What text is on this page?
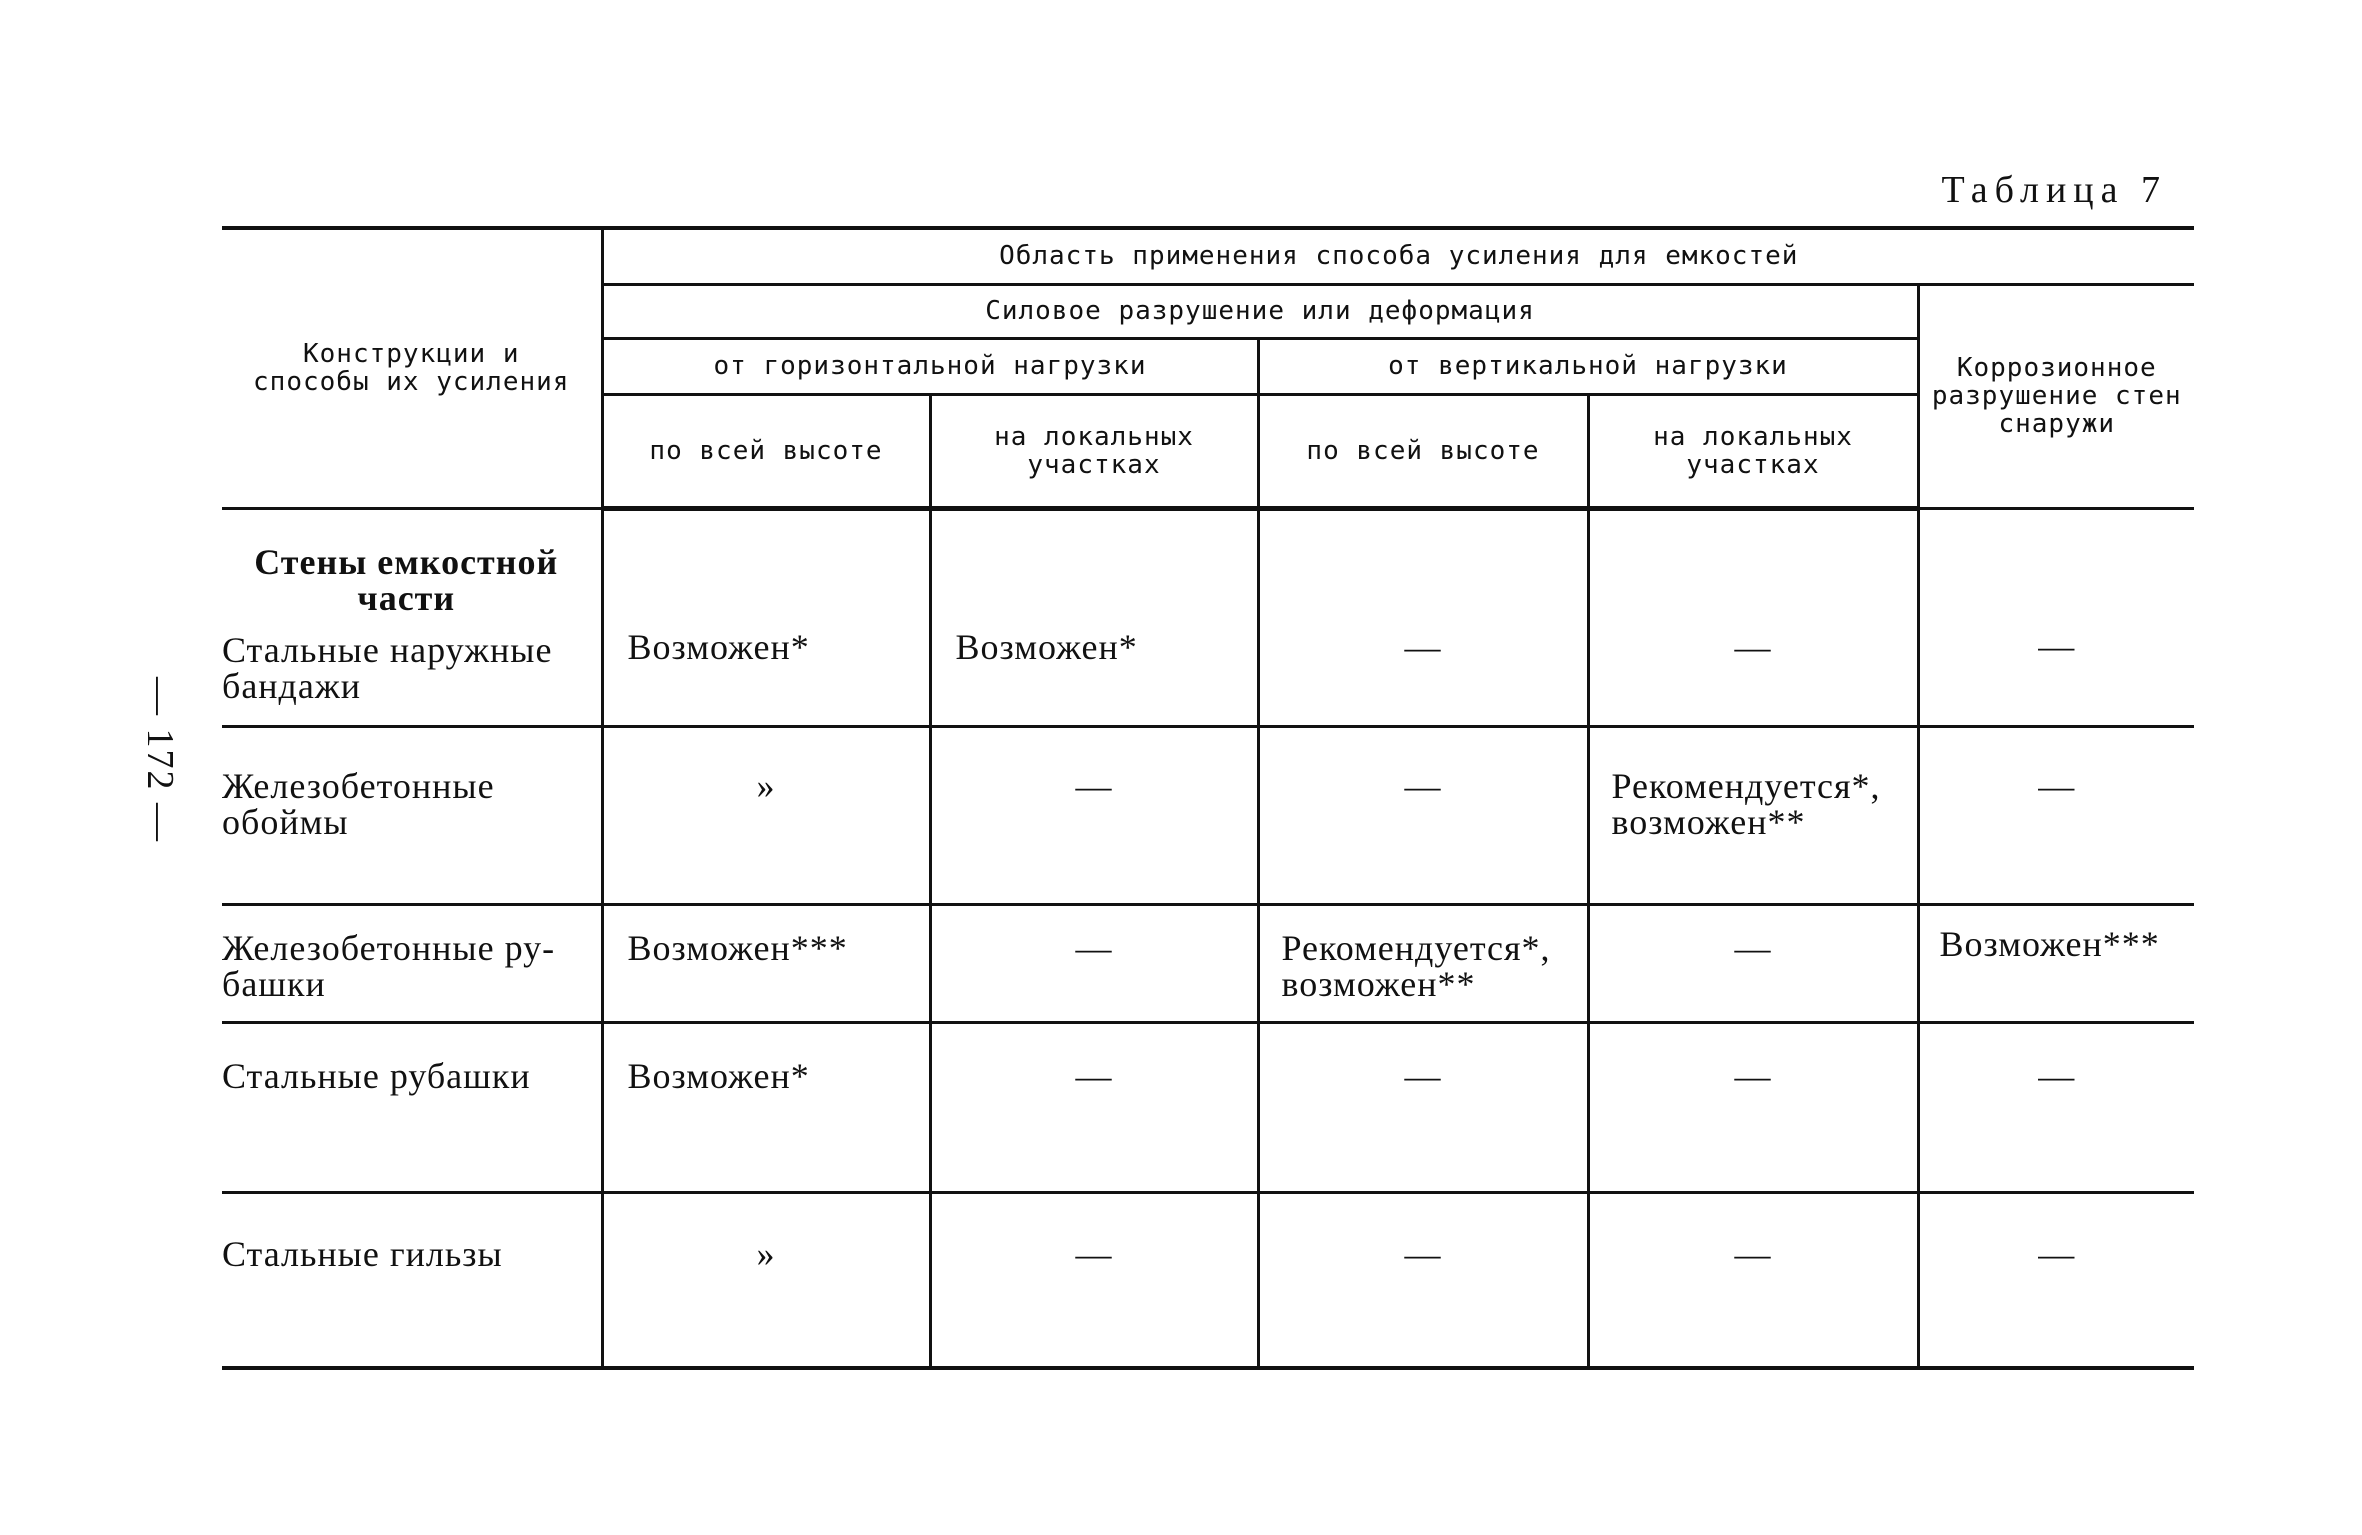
— 172 —
Таблица 7
Конструкции и способы их усиления	Область применения способа усиления для емкостей				
	Силовое разрушение или деформация				Коррозионное разрушение стен снаружи
	от горизонтальной нагрузки		от вертикальной нагрузки		
	по всей высоте	на локальных участках	по всей высоте	на локальных участках	

Стены емкостной части
Стальные наружные бандажи	Возможен*	Возможен*	—	—	—

Железобетонные обоймы	»	—	—	Рекомендуется*, возможен**	—

Железобетонные ру-башки	Возможен***	—	Рекомендуется*, возможен**	—	Возможен***

Стальные рубашки	Возможен*	—	—	—	—

Стальные гильзы	»	—	—	—	—
